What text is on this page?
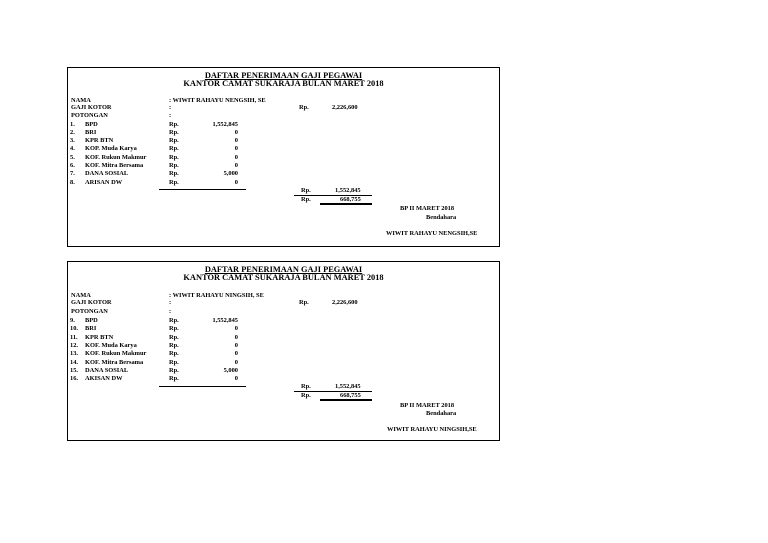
DAFTAR PENERIMAAN GAJI PEGAWAI
KANTOR CAMAT SUKARAJA BULAN MARET 2018
NAMA	: WIWIT RAHAYU NENGSIH, SE
GAJI KOTOR	:	Rp.	2,226,600
POTONGAN	:
1. BPD	Rp.	1,552,845
2. BRI	Rp.	0
3. KPR BTN	Rp.	0
4. KOP. Muda Karya	Rp.	0
5. KOF. Rukun Makmur	Rp.	0
6. KOF. Mitra Bersama	Rp.	0
7. DANA SOSIAL	Rp.	5,000
8. ARISAN DW	Rp.	0
Rp.	1,552,845
Rp.	668,755
BP II MARET 2018
Bendahara
WIWIT RAHAYU NENGSIH,SE
DAFTAR PENERIMAAN GAJI PEGAWAI
KANTOR CAMAT SUKARAJA BULAN MARET 2018
NAMA	: WIWIT RAHAYU NINGSIH, SE
GAJI KOTOR	:	Rp.	2,226,600
POTONGAN	:
9. BPD	Rp.	1,552,845
10. BRI	Rp.	0
11. KPR BTN	Rp.	0
12. KOF. Muda Karya	Rp.	0
13. KOF. Rukun Makmur	Rp.	0
14. KOF. Mitra Bersama	Rp.	0
15. DANA SOSIAL	Rp.	5,000
16. AKISAN DW	Rp.	0
Rp.	1,552,845
Rp.	668,755
BP II MARET 2018
Bendahara
WIWIT RAHAYU NINGSIH,SE
